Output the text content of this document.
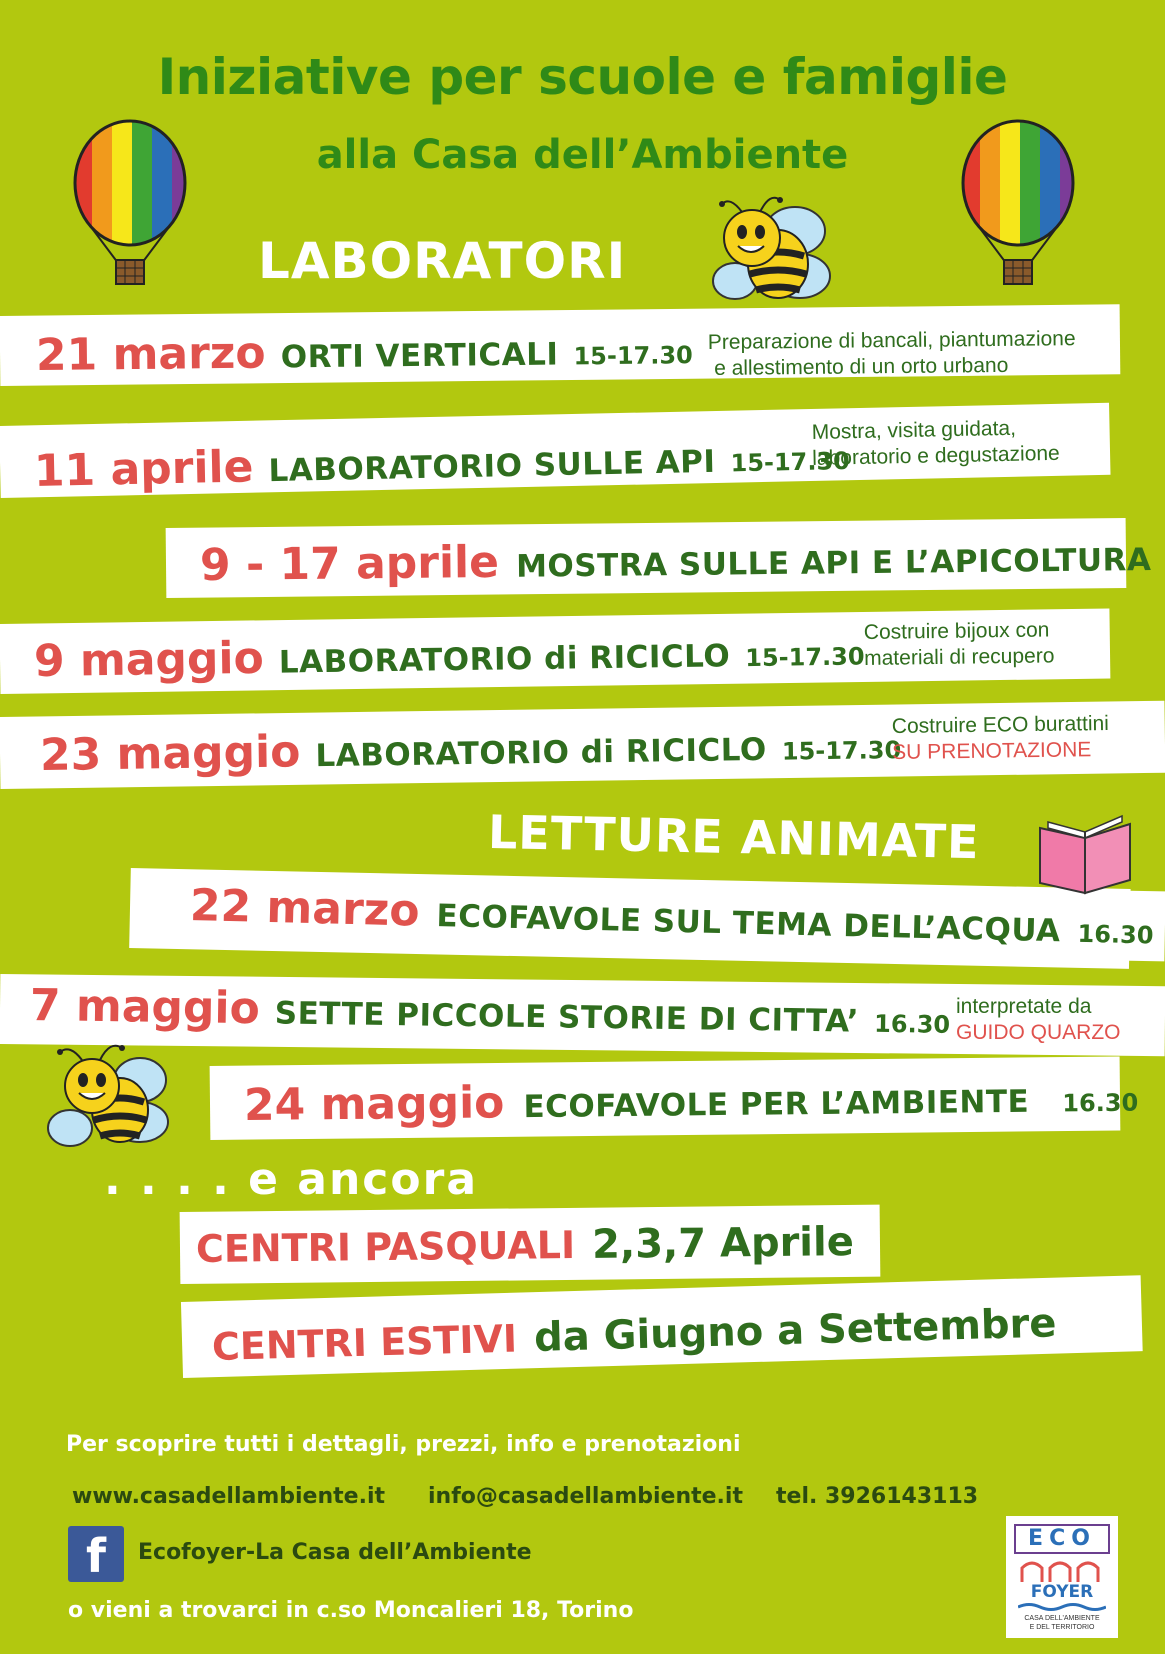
Iniziative per scuole e famiglie
alla Casa dell’Ambiente
LABORATORI
21 marzo ORTI VERTICALI 15-17.30
Preparazione di bancali, piantumazione
e allestimento di un orto urbano
11 aprile LABORATORIO SULLE API 15-17.30
Mostra, visita guidata,
laboratorio e degustazione
9 - 17 aprile MOSTRA SULLE API E L’APICOLTURA
9 maggio LABORATORIO di RICICLO 15-17.30
Costruire bijoux con
materiali di recupero
23 maggio LABORATORIO di RICICLO 15-17.30
Costruire ECO burattini
SU PRENOTAZIONE
LETTURE ANIMATE
22 marzo ECOFAVOLE SUL TEMA DELL’ACQUA 16.30
7 maggio SETTE PICCOLE STORIE DI CITTA’ 16.30
interpretate da
GUIDO QUARZO
24 maggio ECOFAVOLE PER L’AMBIENTE 16.30
. . . . e ancora
CENTRI PASQUALI 2,3,7 Aprile
CENTRI ESTIVI da Giugno a Settembre
Per scoprire tutti i dettagli, prezzi, info e prenotazioni
www.casadellambiente.it info@casadellambiente.it tel. 3926143113
f	Ecofoyer-La Casa dell’Ambiente
o vieni a trovarci in c.so Moncalieri 18, Torino
ECO
FOYER
CASA DELL'AMBIENTE
E DEL TERRITORIO
